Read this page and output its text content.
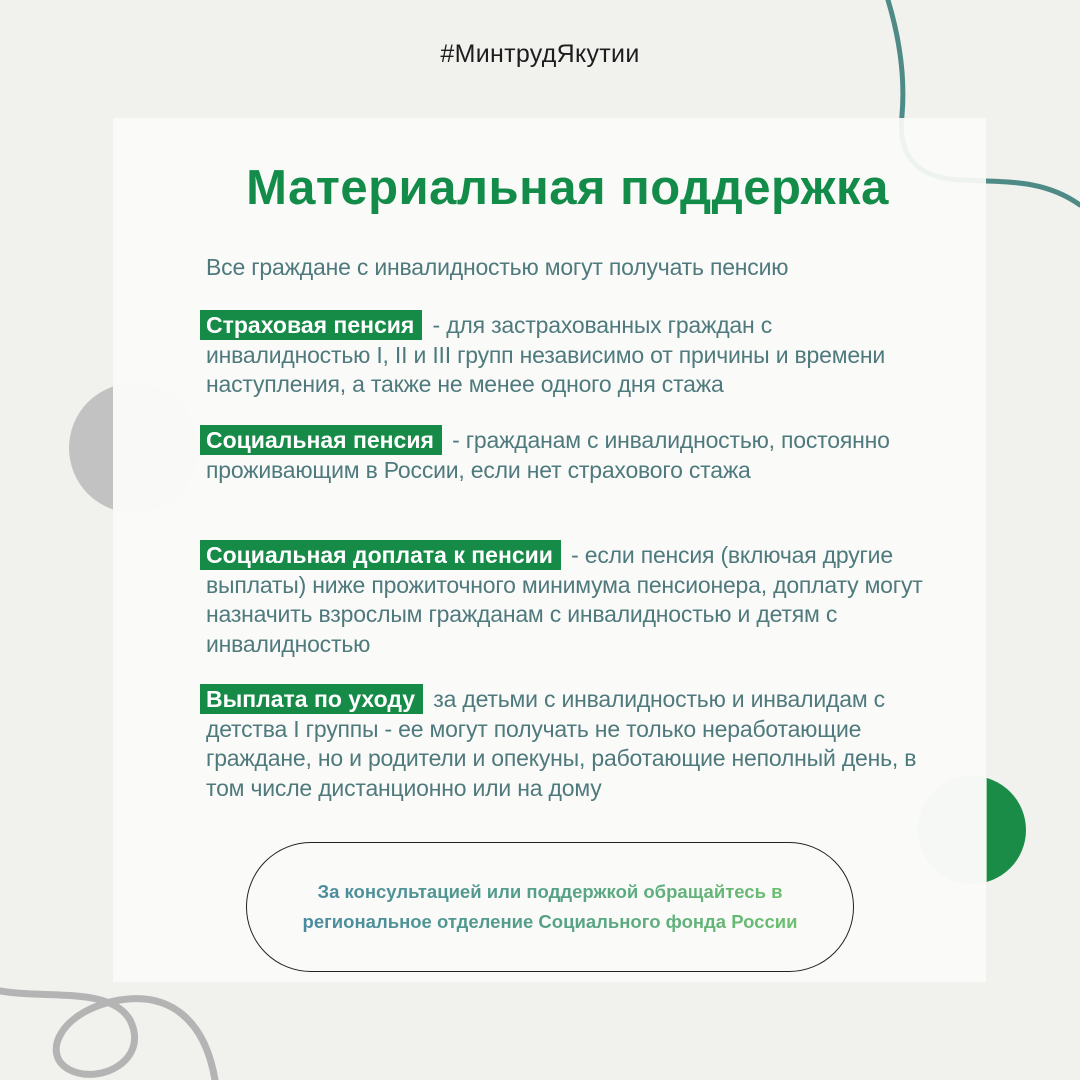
#МинтрудЯкутии
Материальная поддержка
Все граждане с инвалидностью могут получать пенсию
Страховая пенсия - для застрахованных граждан с инвалидностью I, II и III групп независимо от причины и времени наступления, а также не менее одного дня стажа
Социальная пенсия - гражданам с инвалидностью, постоянно проживающим в России, если нет страхового стажа
Социальная доплата к пенсии - если пенсия (включая другие выплаты) ниже прожиточного минимума пенсионера, доплату могут назначить взрослым гражданам с инвалидностью и детям с инвалидностью
Выплата по уходу за детьми с инвалидностью и инвалидам с детства I группы - ее могут получать не только неработающие граждане, но и родители и опекуны, работающие неполный день, в том числе дистанционно или на дому

За консультацией или поддержкой обращайтесь в
региональное отделение Социального фонда России
